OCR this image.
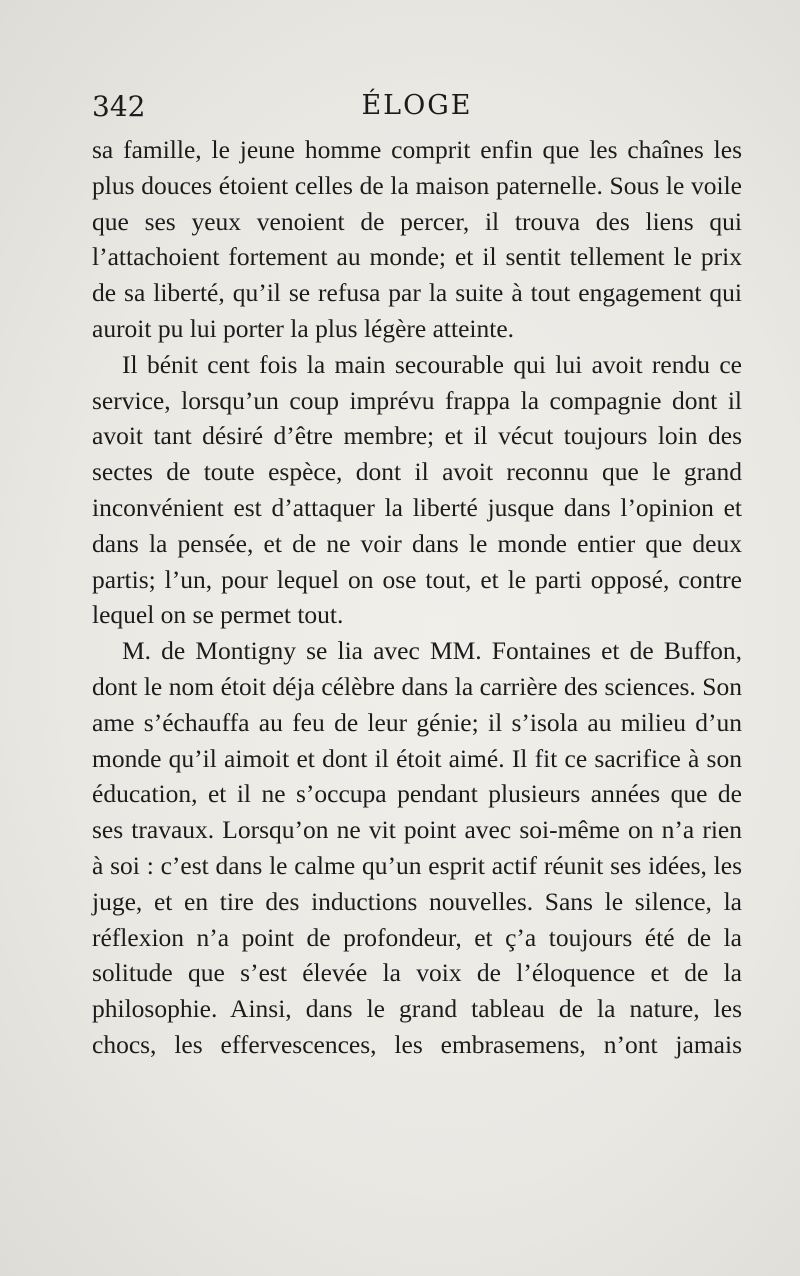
342	ÉLOGE

sa famille, le jeune homme comprit enfin que les chaînes les plus douces étoient celles de la maison paternelle. Sous le voile que ses yeux venoient de percer, il trouva des liens qui l’attachoient fortement au monde; et il sentit tellement le prix de sa liberté, qu’il se refusa par la suite à tout engagement qui auroit pu lui porter la plus légère atteinte.

Il bénit cent fois la main secourable qui lui avoit rendu ce service, lorsqu’un coup imprévu frappa la compagnie dont il avoit tant désiré d’être membre; et il vécut toujours loin des sectes de toute espèce, dont il avoit reconnu que le grand inconvénient est d’attaquer la liberté jusque dans l’opinion et dans la pensée, et de ne voir dans le monde entier que deux partis; l’un, pour lequel on ose tout, et le parti opposé, contre lequel on se permet tout.

M. de Montigny se lia avec MM. Fontaines et de Buffon, dont le nom étoit déja célèbre dans la carrière des sciences. Son ame s’échauffa au feu de leur génie; il s’isola au milieu d’un monde qu’il aimoit et dont il étoit aimé. Il fit ce sacrifice à son éducation, et il ne s’occupa pendant plusieurs années que de ses travaux. Lorsqu’on ne vit point avec soi-même on n’a rien à soi : c’est dans le calme qu’un esprit actif réunit ses idées, les juge, et en tire des inductions nouvelles. Sans le silence, la réflexion n’a point de profondeur, et ç’a toujours été de la solitude que s’est élevée la voix de l’éloquence et de la philosophie. Ainsi, dans le grand tableau de la nature, les chocs, les effervescences, les embrasemens, n’ont jamais
